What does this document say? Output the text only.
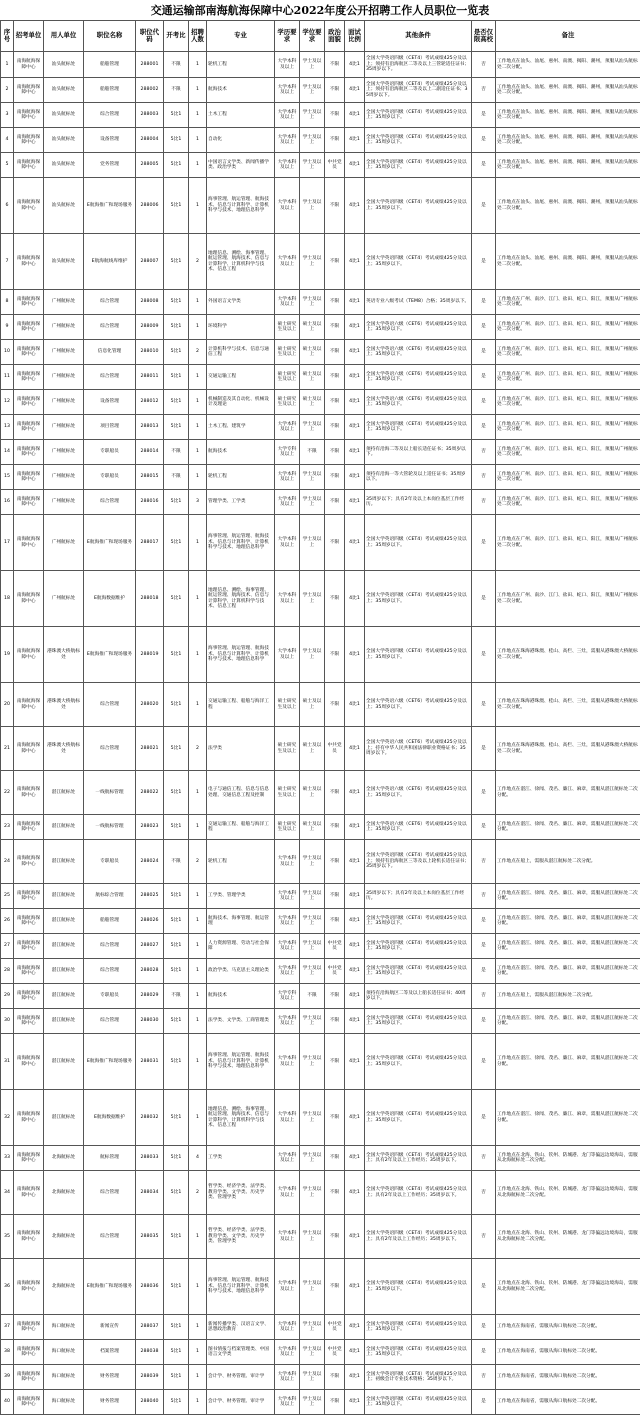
交通运输部南海航海保障中心2022年度公开招聘工作人员职位一览表
序号	招考单位	用人单位	职位名称	职位代码	开考比	招聘人数	专业	学历要求	学位要求	政治面貌	面试比例	其他条件	是否仅限高校	备注
1	南海航海保障中心	汕头航标处	船舶管理	288001	不限	1	轮机工程	大学本科及以上	学士及以上	不限	4比1	全国大学英语四级（CET4）考试成绩425分及以上；须持有沿海航区二等及以上三管轮适任证书；35周岁以下。	否	工作地点在汕头、汕尾、惠州、南澳、揭阳、潮州，须服从汕头航标处二次分配。
2	南海航海保障中心	汕头航标处	船舶管理	288002	不限	1	航海技术	大学本科及以上	学士及以上	不限	4比1	全国大学英语四级（CET4）考试成绩425分及以上；须持有沿海航区二等及以上二副适任证书；35周岁以下。	否	工作地点在汕头、汕尾、惠州、南澳、揭阳、潮州，须服从汕头航标处二次分配。
3	南海航海保障中心	汕头航标处	综合管理	288003	5比1	1	土木工程	大学本科及以上	学士及以上	不限	4比1	全国大学英语四级（CET4）考试成绩425分及以上；35周岁以下。	是	工作地点在汕头、汕尾、惠州、南澳、揭阳、潮州，须服从汕头航标处二次分配。
4	南海航海保障中心	汕头航标处	设备管理	288004	5比1	1	自动化	大学本科及以上	学士及以上	不限	4比1	全国大学英语四级（CET4）考试成绩425分及以上；35周岁以下。	是	工作地点在汕头、汕尾、惠州、南澳、揭阳、潮州，须服从汕头航标处二次分配。
5	南海航海保障中心	汕头航标处	党务管理	288005	5比1	1	中国语言文学类、新闻传播学类、政治学类	大学本科及以上	学士及以上	中共党员	4比1	全国大学英语四级（CET4）考试成绩425分及以上；35周岁以下。	是	工作地点在汕头、汕尾、惠州、南澳、揭阳、潮州，须服从汕头航标处二次分配。
6	南海航海保障中心	汕头航标处	E航海推广和现场服务	288006	5比1	1	海事管理、航运管理、航海技术、信息与计算科学、计算机科学与技术、地理信息科学	大学本科及以上	学士及以上	不限	4比1	全国大学英语四级（CET4）考试成绩425分及以上；35周岁以下。	是	工作地点在汕头、汕尾、惠州、南澳、揭阳、潮州，须服从汕头航标处二次分配。
7	南海航海保障中心	汕头航标处	E航海航线库维护	288007	5比1	2	地理信息、测绘、海事管理、航运管理、航海技术、信息与计算科学、计算机科学与技术、信息工程	大学本科及以上	学士及以上	不限	4比1	全国大学英语四级（CET4）考试成绩425分及以上；35周岁以下。	是	工作地点在汕头、汕尾、惠州、南澳、揭阳、潮州，须服从汕头航标处二次分配。
8	南海航海保障中心	广州航标处	综合管理	288008	5比1	1	外国语言文学类	大学本科及以上	学士及以上	不限	4比1	英语专业八级考试（TEM8）合格；35周岁以下。	是	工作地点在广州、南沙、江门、盐田、蛇口、阳江，须服从广州航标处二次分配。
9	南海航海保障中心	广州航标处	综合管理	288009	5比1	1	环境科学	硕士研究生及以上	硕士及以上	不限	4比1	全国大学英语六级（CET6）考试成绩425分及以上；35周岁以下。	是	工作地点在广州、南沙、江门、盐田、蛇口、阳江，须服从广州航标处二次分配。
10	南海航海保障中心	广州航标处	信息化管理	288010	5比1	2	计算机科学与技术、信息与通信工程	硕士研究生及以上	硕士及以上	不限	4比1	全国大学英语六级（CET6）考试成绩425分及以上；35周岁以下。	是	工作地点在广州、南沙、江门、盐田、蛇口、阳江，须服从广州航标处二次分配。
11	南海航海保障中心	广州航标处	综合管理	288011	5比1	1	交通运输工程	硕士研究生及以上	硕士及以上	不限	4比1	全国大学英语六级（CET6）考试成绩425分及以上；35周岁以下。	是	工作地点在广州、南沙、江门、盐田、蛇口、阳江，须服从广州航标处二次分配。
12	南海航海保障中心	广州航标处	设备管理	288012	5比1	1	机械制造及其自动化、机械设计及理论	硕士研究生及以上	硕士及以上	不限	4比1	全国大学英语六级（CET6）考试成绩425分及以上；35周岁以下。	是	工作地点在广州、南沙、江门、盐田、蛇口、阳江，须服从广州航标处二次分配。
13	南海航海保障中心	广州航标处	项目管理	288013	5比1	1	土木工程、建筑学	大学本科及以上	学士及以上	不限	4比1	全国大学英语四级（CET4）考试成绩425分及以上；35周岁以下。	是	工作地点在广州、南沙、江门、盐田、蛇口、阳江，须服从广州航标处二次分配。
14	南海航海保障中心	广州航标处	专职船员	288014	不限	1	航海技术	大学专科及以上	不限	不限	4比1	须持有沿海二等及以上船长适任证书；35周岁以下。	否	工作地点在广州、南沙、江门、盐田、蛇口、阳江，须服从广州航标处二次分配。
15	南海航海保障中心	广州航标处	专职船员	288015	不限	1	轮机工程	大学本科及以上	学士及以上	不限	4比1	须持有沿海一等大管轮及以上适任证书；35周岁以下。	否	工作地点在广州、南沙、江门、盐田、蛇口、阳江，须服从广州航标处二次分配。
16	南海航海保障中心	广州航标处	综合管理	288016	5比1	3	管理学类、工学类	大学本科及以上	学士及以上	不限	4比1	35周岁以下；具有2年及以上本岗位基层工作经历。	否	工作地点在广州、南沙、江门、盐田、蛇口、阳江，须服从广州航标处二次分配。
17	南海航海保障中心	广州航标处	E航海推广和现场服务	288017	5比1	1	海事管理、航运管理、航海技术、信息与计算科学、计算机科学与技术、地理信息科学	大学本科及以上	学士及以上	不限	4比1	全国大学英语四级（CET4）考试成绩425分及以上；35周岁以下。	是	工作地点在广州、南沙、江门、盐田、蛇口、阳江，须服从广州航标处二次分配。
18	南海航海保障中心	广州航标处	E航海数据维护	288018	5比1	1	地理信息、测绘、海事管理、航运管理、航海技术、信息与计算科学、计算机科学与技术、信息工程	大学本科及以上	学士及以上	不限	4比1	全国大学英语四级（CET4）考试成绩425分及以上；35周岁以下。	是	工作地点在广州、南沙、江门、盐田、蛇口、阳江，须服从广州航标处二次分配。
19	南海航海保障中心	港珠澳大桥航标处	E航海推广和现场服务	288019	5比1	1	海事管理、航运管理、航海技术、信息与计算科学、计算机科学与技术、地理信息科学	大学本科及以上	学士及以上	不限	4比1	全国大学英语四级（CET4）考试成绩425分及以上；35周岁以下。	是	工作地点在珠海港珠澳、桂山、高栏、三灶，需服从港珠澳大桥航标处二次分配。
20	南海航海保障中心	港珠澳大桥航标处	综合管理	288020	5比1	1	交通运输工程、船舶与海洋工程	硕士研究生及以上	硕士及以上	不限	4比1	全国大学英语六级（CET6）考试成绩425分及以上；35周岁以下。	是	工作地点在珠海港珠澳、桂山、高栏、三灶，需服从港珠澳大桥航标处二次分配。
21	南海航海保障中心	港珠澳大桥航标处	综合管理	288021	5比1	2	法学类	硕士研究生及以上	硕士及以上	中共党员	4比1	全国大学英语六级（CET6）考试成绩425分及以上；持有中华人民共和国法律职业资格证书；35周岁以下。	是	工作地点在珠海港珠澳、桂山、高栏、三灶，需服从港珠澳大桥航标处二次分配。
22	南海航海保障中心	湛江航标处	一线航标管理	288022	5比1	1	电子与通信工程、信息与信息处理、交通信息工程及控制	硕士研究生及以上	硕士及以上	不限	4比1	全国大学英语六级（CET6）考试成绩425分及以上；35周岁以下。	是	工作地点在湛江、徐闻、茂名、廉江、麻章，需服从湛江航标处二次分配。
23	南海航海保障中心	湛江航标处	一线航标管理	288023	5比1	1	交通运输工程、船舶与海洋工程	硕士研究生及以上	硕士及以上	不限	4比1	全国大学英语六级（CET6）考试成绩425分及以上；35周岁以下。	是	工作地点在湛江、徐闻、茂名、廉江、麻章，需服从湛江航标处二次分配。
24	南海航海保障中心	湛江航标处	专职船员	288024	不限	2	轮机工程	大学本科及以上	学士及以上	不限	4比1	全国大学英语四级（CET4）考试成绩425分及以上；须持有沿海航区三等及以上轮机长适任证书；35周岁以下。	否	工作地点在船上，需服从湛江航标处二次分配。
25	南海航海保障中心	湛江航标处	航标综合管理	288025	5比1	1	工学类、管理学类	大学本科及以上	学士及以上	不限	4比1	35周岁以下；具有2年及以上本岗位基层工作经历。	否	工作地点在湛江、徐闻、茂名、廉江、麻章，需服从湛江航标处二次分配。
26	南海航海保障中心	湛江航标处	船舶管理	288026	5比1	1	航海技术、海事管理、航运管理	大学本科及以上	学士及以上	不限	4比1	全国大学英语四级（CET4）考试成绩425分及以上；35周岁以下。	是	工作地点在湛江、徐闻、茂名、廉江、麻章，需服从湛江航标处二次分配。
27	南海航海保障中心	湛江航标处	综合管理	288027	5比1	1	人力资源管理、劳动与社会保障	大学本科及以上	学士及以上	中共党员	4比1	全国大学英语四级（CET4）考试成绩425分及以上；35周岁以下。	是	工作地点在湛江、徐闻、茂名、廉江、麻章，需服从湛江航标处二次分配。
28	南海航海保障中心	湛江航标处	综合管理	288028	5比1	1	政治学类、马克思主义理论类	大学本科及以上	学士及以上	中共党员	4比1	全国大学英语四级（CET4）考试成绩425分及以上；35周岁以下。	是	工作地点在湛江、徐闻、茂名、廉江、麻章，需服从湛江航标处二次分配。
29	南海航海保障中心	湛江航标处	专职船员	288029	不限	1	航海技术	大学专科及以上	不限	不限	4比1	须持有沿海航区二等及以上船长适任证书；40周岁以下。	否	工作地点在船上，需服从湛江航标处二次分配。
30	南海航海保障中心	湛江航标处	综合管理	288030	5比1	1	法学类、文学类、工商管理类	大学本科及以上	学士及以上	不限	4比1	全国大学英语四级（CET4）考试成绩425分及以上；35周岁以下。	是	工作地点在湛江、徐闻、茂名、廉江、麻章，需服从湛江航标处二次分配。
31	南海航海保障中心	湛江航标处	E航海推广和现场服务	288031	5比1	1	海事管理、航运管理、航海技术、信息与计算科学、计算机科学与技术、地理信息科学	大学本科及以上	学士及以上	不限	4比1	全国大学英语四级（CET4）考试成绩425分及以上；35周岁以下。	是	工作地点在湛江、徐闻、茂名、廉江、麻章，需服从湛江航标处二次分配。
32	南海航海保障中心	湛江航标处	E航海数据维护	288032	5比1	1	地理信息、测绘、海事管理、航运管理、航海技术、信息与计算科学、计算机科学与技术、信息工程	大学本科及以上	学士及以上	不限	4比1	全国大学英语四级（CET4）考试成绩425分及以上；35周岁以下。	是	工作地点在湛江、徐闻、茂名、廉江、麻章，需服从湛江航标处二次分配。
33	南海航海保障中心	北海航标处	航标管理	288033	5比1	4	工学类	大学本科及以上	学士及以上	不限	4比1	全国大学英语四级（CET4）考试成绩425分及以上；具有2年及以上工作经历；35周岁以下。	否	工作地点在北海、铁山、钦州、防城港、龙门等偏远边境海岛，需服从北海航标处二次分配。
34	南海航海保障中心	北海航标处	综合管理	288034	5比1	2	哲学类、经济学类、法学类、教育学类、文学类、历史学类、管理学类	大学本科及以上	学士及以上	不限	4比1	全国大学英语四级（CET4）考试成绩425分及以上；具有2年及以上工作经历；35周岁以下。	否	工作地点在北海、铁山、钦州、防城港、龙门等偏远边境海岛，需服从北海航标处二次分配。
35	南海航海保障中心	北海航标处	综合管理	288035	5比1	1	哲学类、经济学类、法学类、教育学类、文学类、历史学类、管理学类	大学本科及以上	学士及以上	不限	4比1	全国大学英语四级（CET4）考试成绩425分及以上；具有2年及以上工作经历；35周岁以下。	否	工作地点在北海、铁山、钦州、防城港、龙门等偏远边境海岛，需服从北海航标处二次分配。
36	南海航海保障中心	北海航标处	E航海推广和现场服务	288036	5比1	1	海事管理、航运管理、航海技术、信息与计算科学、计算机科学与技术、地理信息科学	大学本科及以上	学士及以上	不限	4比1	全国大学英语四级（CET4）考试成绩425分及以上；35周岁以下。	是	工作地点在北海、铁山、钦州、防城港、龙门等偏远边境海岛，需服从北海航标处二次分配。
37	南海航海保障中心	海口航标处	新闻宣传	288037	5比1	1	新闻传播学类、汉语言文学、思想政治教育	大学本科及以上	学士及以上	中共党员	4比1	全国大学英语四级（CET4）考试成绩425分及以上；35周岁以下。	是	工作地点在海南省，需服从海口航标处二次分配。
38	南海航海保障中心	海口航标处	档案管理	288038	5比1	1	图书情报与档案管理类、中国语言文学类	大学本科及以上	学士及以上	中共党员	4比1	全国大学英语四级（CET4）考试成绩425分及以上；35周岁以下。	是	工作地点在海南省，需服从海口航标处二次分配。
39	南海航海保障中心	海口航标处	财务管理	288039	5比1	1	会计学、财务管理、审计学	大学本科及以上	学士及以上	不限	4比1	全国大学英语四级（CET4）考试成绩425分及以上；初级会计专业技术资格；35周岁以下。	否	工作地点在海南省，需服从海口航标处二次分配。
40	南海航海保障中心	海口航标处	财务管理	288040	5比1	1	会计学、财务管理、审计学	大学本科及以上	学士及以上	不限	4比1	全国大学英语四级（CET4）考试成绩425分及以上；35周岁以下。	是	工作地点在海南省，需服从海口航标处二次分配。
